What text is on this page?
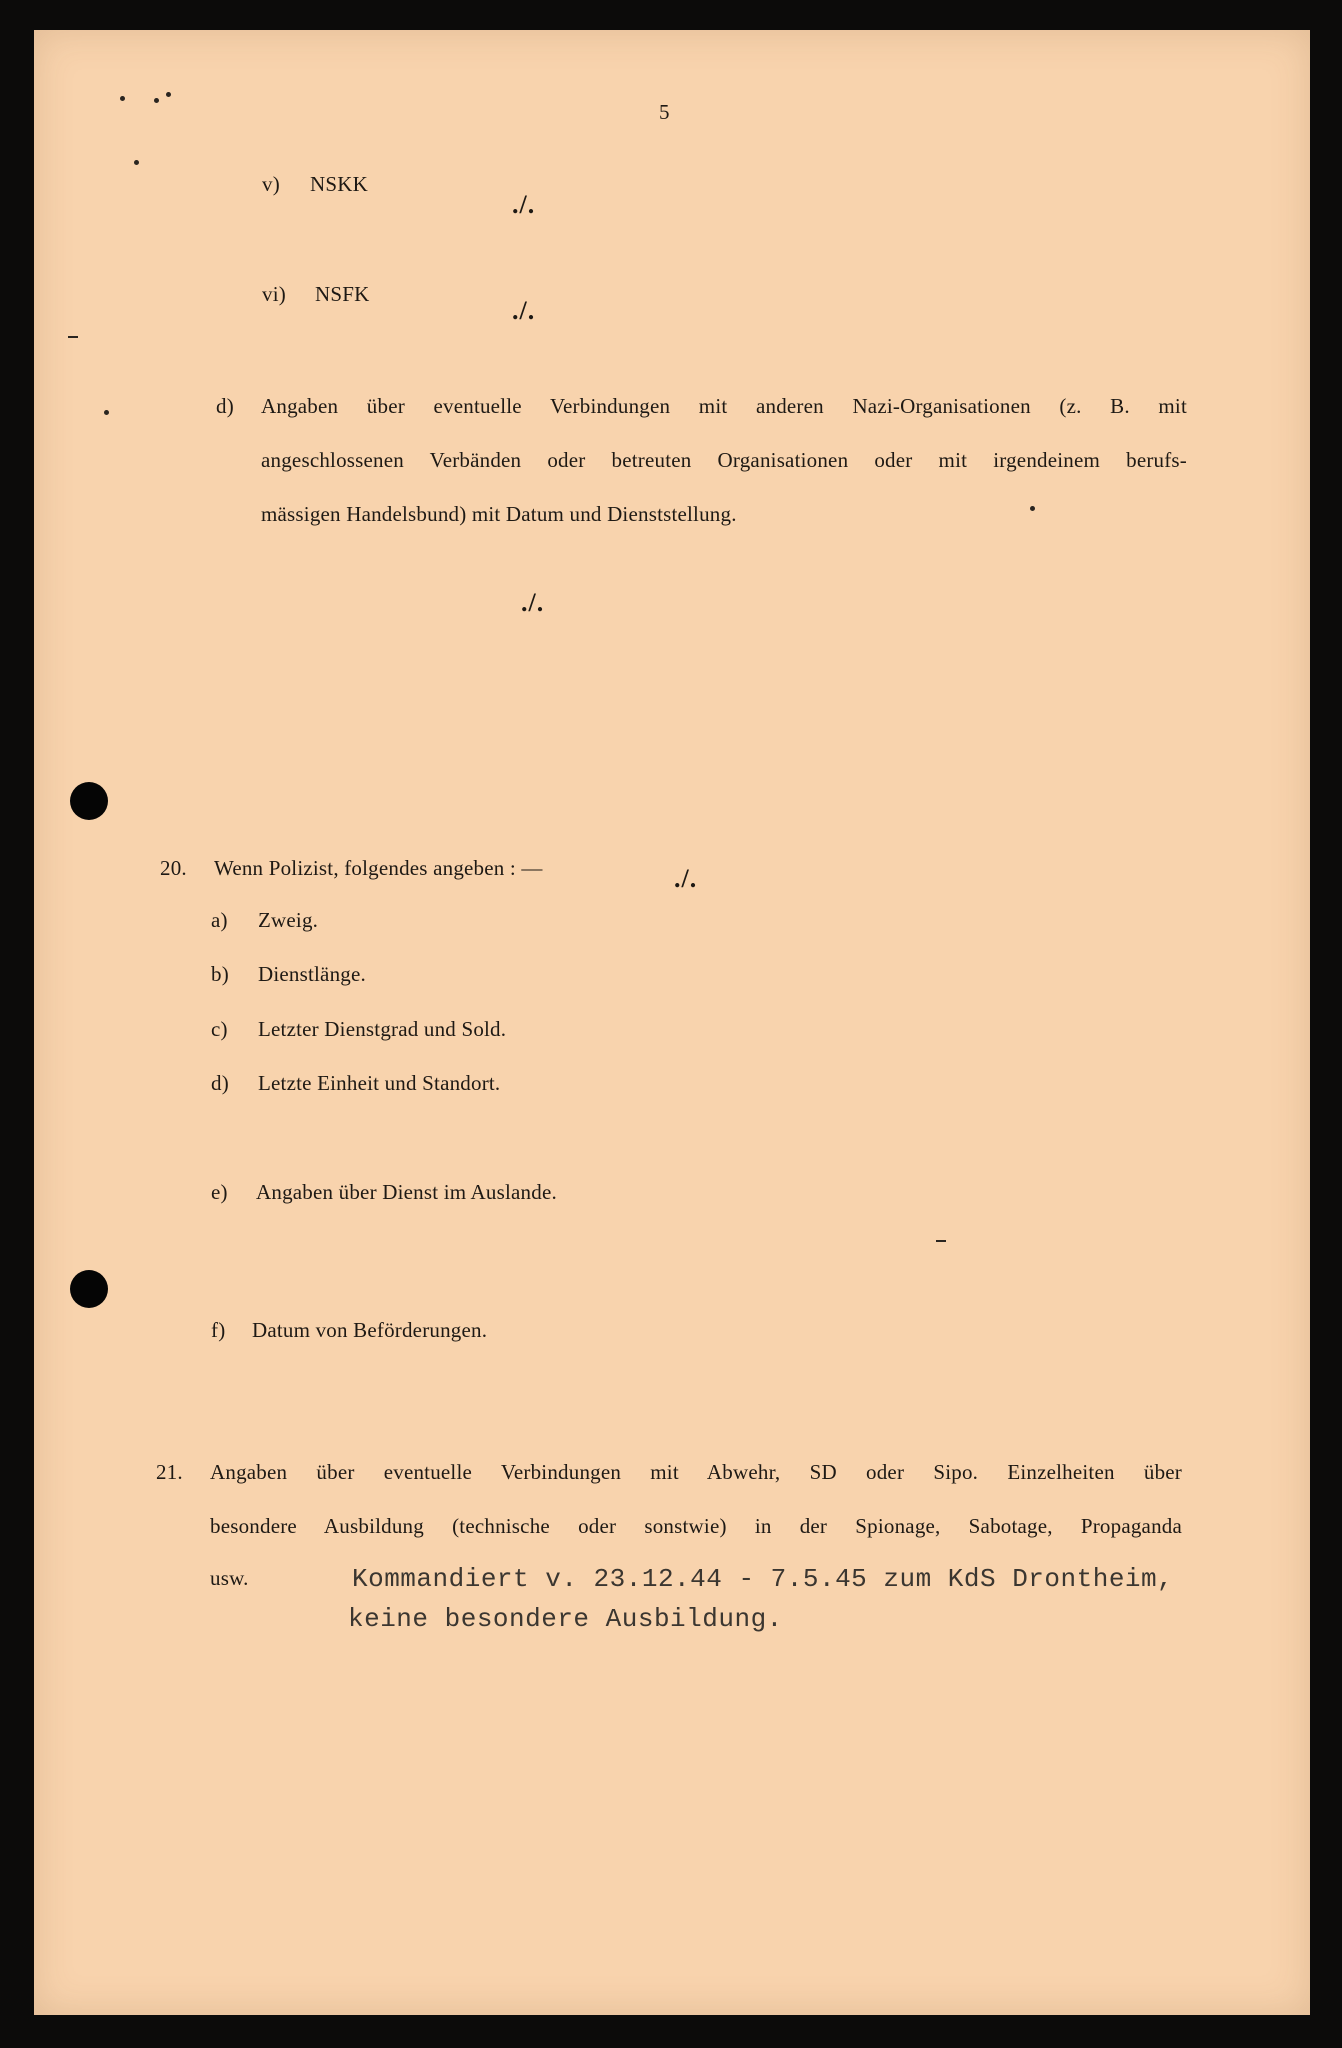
5
v) NSKK
./.
vi) NSFK
./.
d) Angaben über eventuelle Verbindungen mit anderen Nazi-Organisationen (z. B. mit
angeschlossenen Verbänden oder betreuten Organisationen oder mit irgendeinem berufs-
mässigen Handelsbund) mit Datum und Dienststellung.
./.
20. Wenn Polizist, folgendes angeben : —	./.
a) Zweig.
b) Dienstlänge.
c) Letzter Dienstgrad und Sold.
d) Letzte Einheit und Standort.
e) Angaben über Dienst im Auslande.
f) Datum von Beförderungen.
21. Angaben über eventuelle Verbindungen mit Abwehr, SD oder Sipo. Einzelheiten über
besondere Ausbildung (technische oder sonstwie) in der Spionage, Sabotage, Propaganda
usw.	Kommandiert v. 23.12.44 - 7.5.45 zum KdS Drontheim,
keine besondere Ausbildung.
